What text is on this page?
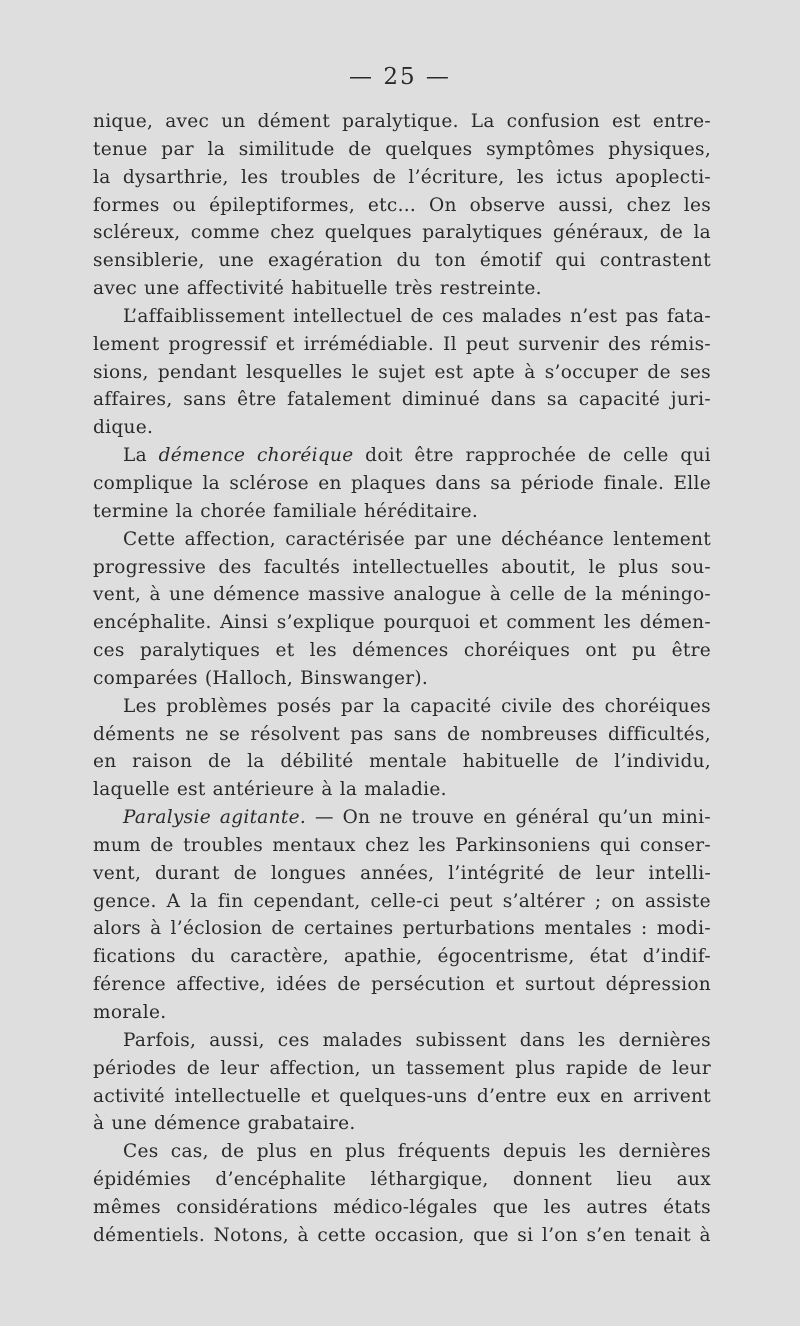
— 25 —
nique, avec un dément paralytique. La confusion est entre-
tenue par la similitude de quelques symptômes physiques,
la dysarthrie, les troubles de l’écriture, les ictus apoplecti-
formes ou épileptiformes, etc... On observe aussi, chez les
scléreux, comme chez quelques paralytiques généraux, de la
sensiblerie, une exagération du ton émotif qui contrastent
avec une affectivité habituelle très restreinte.
L’affaiblissement intellectuel de ces malades n’est pas fata-
lement progressif et irrémédiable. Il peut survenir des rémis-
sions, pendant lesquelles le sujet est apte à s’occuper de ses
affaires, sans être fatalement diminué dans sa capacité juri-
dique.
La démence choréique doit être rapprochée de celle qui
complique la sclérose en plaques dans sa période finale. Elle
termine la chorée familiale héréditaire.
Cette affection, caractérisée par une déchéance lentement
progressive des facultés intellectuelles aboutit, le plus sou-
vent, à une démence massive analogue à celle de la méningo-
encéphalite. Ainsi s’explique pourquoi et comment les démen-
ces paralytiques et les démences choréiques ont pu être
comparées (Halloch, Binswanger).
Les problèmes posés par la capacité civile des choréiques
déments ne se résolvent pas sans de nombreuses difficultés,
en raison de la débilité mentale habituelle de l’individu,
laquelle est antérieure à la maladie.
Paralysie agitante. — On ne trouve en général qu’un mini-
mum de troubles mentaux chez les Parkinsoniens qui conser-
vent, durant de longues années, l’intégrité de leur intelli-
gence. A la fin cependant, celle-ci peut s’altérer ; on assiste
alors à l’éclosion de certaines perturbations mentales : modi-
fications du caractère, apathie, égocentrisme, état d’indif-
férence affective, idées de persécution et surtout dépression
morale.
Parfois, aussi, ces malades subissent dans les dernières
périodes de leur affection, un tassement plus rapide de leur
activité intellectuelle et quelques-uns d’entre eux en arrivent
à une démence grabataire.
Ces cas, de plus en plus fréquents depuis les dernières
épidémies d’encéphalite léthargique, donnent lieu aux
mêmes considérations médico-légales que les autres états
démentiels. Notons, à cette occasion, que si l’on s’en tenait à
